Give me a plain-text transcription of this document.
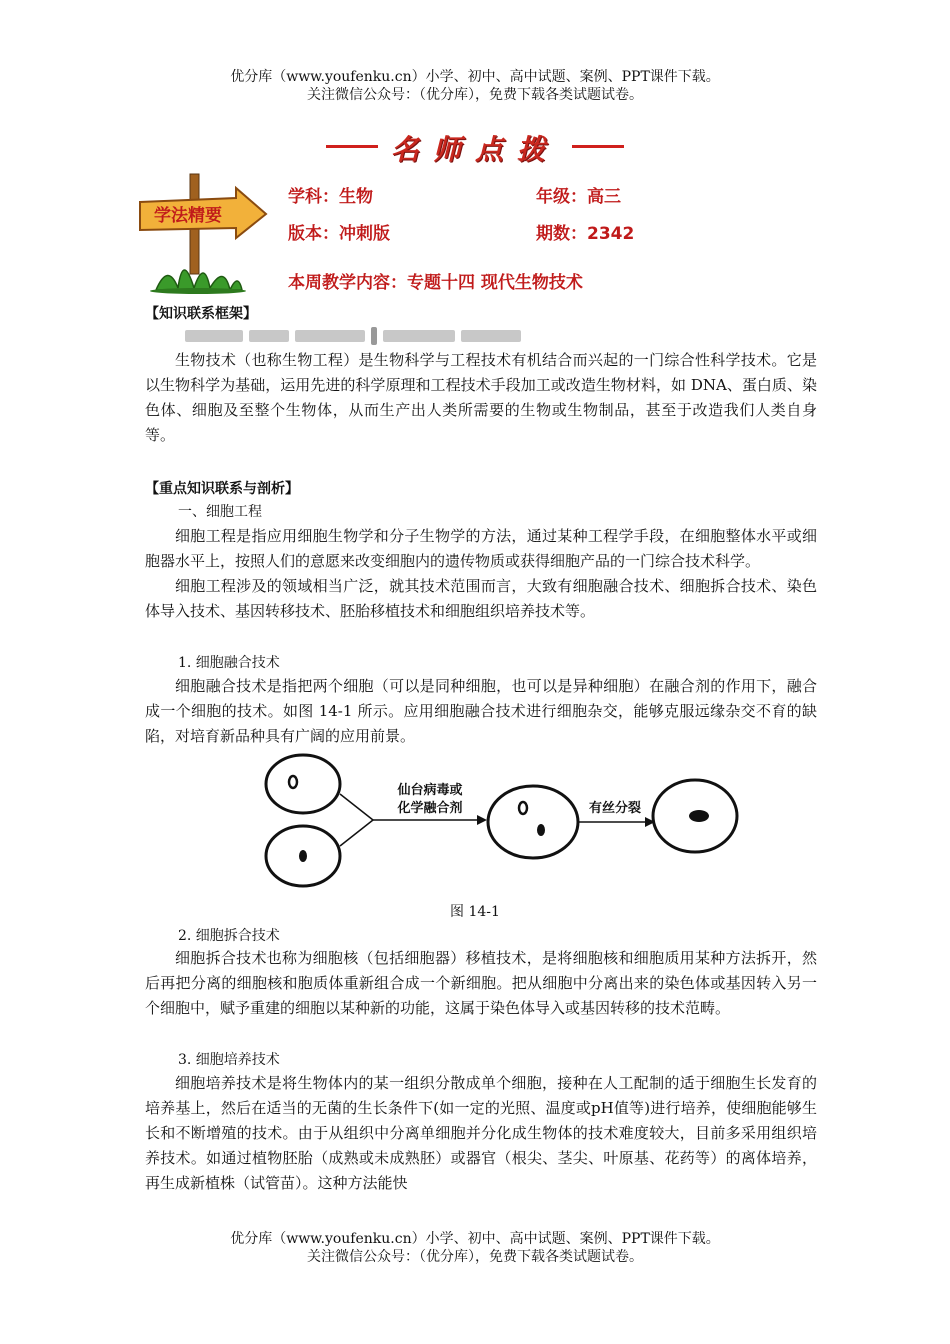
优分库（www.youfenku.cn）小学、初中、高中试题、案例、PPT课件下载。
关注微信公众号：（优分库），免费下载各类试题试卷。
名师点拨
学法精要
学科：生物	年级：高三
版本：冲刺版	期数：2342
本周教学内容：专题十四 现代生物技术
【知识联系框架】

生物技术（也称生物工程）是生物科学与工程技术有机结合而兴起的一门综合性科学技术。它是以生物科学为基础，运用先进的科学原理和工程技术手段加工或改造生物材料，如 DNA、蛋白质、染色体、细胞及至整个生物体，从而生产出人类所需要的生物或生物制品，甚至于改造我们人类自身等。

【重点知识联系与剖析】
一、细胞工程

细胞工程是指应用细胞生物学和分子生物学的方法，通过某种工程学手段，在细胞整体水平或细胞器水平上，按照人们的意愿来改变细胞内的遗传物质或获得细胞产品的一门综合技术科学。

细胞工程涉及的领域相当广泛，就其技术范围而言，大致有细胞融合技术、细胞拆合技术、染色体导入技术、基因转移技术、胚胎移植技术和细胞组织培养技术等。

1. 细胞融合技术

细胞融合技术是指把两个细胞（可以是同种细胞，也可以是异种细胞）在融合剂的作用下，融合成一个细胞的技术。如图 14-1 所示。应用细胞融合技术进行细胞杂交，能够克服远缘杂交不育的缺陷，对培育新品种具有广阔的应用前景。

仙台病毒或
化学融合剂	有丝分裂
图 14-1
2. 细胞拆合技术

细胞拆合技术也称为细胞核（包括细胞器）移植技术，是将细胞核和细胞质用某种方法拆开，然后再把分离的细胞核和胞质体重新组合成一个新细胞。把从细胞中分离出来的染色体或基因转入另一个细胞中，赋予重建的细胞以某种新的功能，这属于染色体导入或基因转移的技术范畴。

3. 细胞培养技术

细胞培养技术是将生物体内的某一组织分散成单个细胞，接种在人工配制的适于细胞生长发育的培养基上，然后在适当的无菌的生长条件下(如一定的光照、温度或pH值等)进行培养，使细胞能够生长和不断增殖的技术。由于从组织中分离单细胞并分化成生物体的技术难度较大，目前多采用组织培养技术。如通过植物胚胎（成熟或未成熟胚）或器官（根尖、茎尖、叶原基、花药等）的离体培养，再生成新植株（试管苗）。这种方法能快

优分库（www.youfenku.cn）小学、初中、高中试题、案例、PPT课件下载。
关注微信公众号：（优分库），免费下载各类试题试卷。
